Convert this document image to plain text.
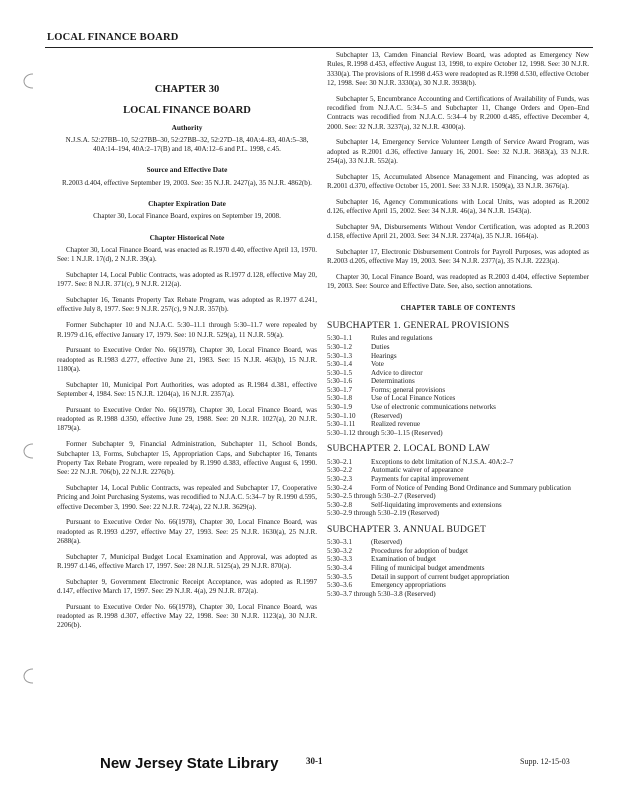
LOCAL FINANCE BOARD
CHAPTER 30
LOCAL FINANCE BOARD
Authority
N.J.S.A. 52:27BB–10, 52:27BB–30, 52:27BB–32, 52:27D–18, 40A:4–83, 40A:5–38, 40A:14–194, 40A:2–17(B) and 18, 40A:12–6 and P.L. 1998, c.45.
Source and Effective Date
R.2003 d.404, effective September 19, 2003. See: 35 N.J.R. 2427(a), 35 N.J.R. 4862(b).
Chapter Expiration Date
Chapter 30, Local Finance Board, expires on September 19, 2008.
Chapter Historical Note
Chapter 30, Local Finance Board, was enacted as R.1970 d.40, effective April 13, 1970. See: 1 N.J.R. 17(d), 2 N.J.R. 39(a).
Subchapter 14, Local Public Contracts, was adopted as R.1977 d.128, effective May 20, 1977. See: 8 N.J.R. 371(c), 9 N.J.R. 212(a).
Subchapter 16, Tenants Property Tax Rebate Program, was adopted as R.1977 d.241, effective July 8, 1977. See: 9 N.J.R. 257(c), 9 N.J.R. 357(b).
Former Subchapter 10 and N.J.A.C. 5:30–11.1 through 5:30–11.7 were repealed by R.1979 d.16, effective January 17, 1979. See: 10 N.J.R. 529(a), 11 N.J.R. 59(a).
Pursuant to Executive Order No. 66(1978), Chapter 30, Local Finance Board, was readopted as R.1983 d.277, effective June 21, 1983. See: 15 N.J.R. 463(b), 15 N.J.R. 1180(a).
Subchapter 10, Municipal Port Authorities, was adopted as R.1984 d.381, effective September 4, 1984. See: 15 N.J.R. 1204(a), 16 N.J.R. 2357(a).
Pursuant to Executive Order No. 66(1978), Chapter 30, Local Finance Board, was readopted as R.1988 d.350, effective June 29, 1988. See: 20 N.J.R. 1027(a), 20 N.J.R. 1879(a).
Former Subchapter 9, Financial Administration, Subchapter 11, School Bonds, Subchapter 13, Forms, Subchapter 15, Appropriation Caps, and Subchapter 16, Tenants Property Tax Rebate Program, were repealed by R.1990 d.383, effective August 6, 1990. See: 22 N.J.R. 706(b), 22 N.J.R. 2276(b).
Subchapter 14, Local Public Contracts, was repealed and Subchapter 17, Cooperative Pricing and Joint Purchasing Systems, was recodified to N.J.A.C. 5:34–7 by R.1990 d.595, effective December 3, 1990. See: 22 N.J.R. 724(a), 22 N.J.R. 3629(a).
Pursuant to Executive Order No. 66(1978), Chapter 30, Local Finance Board, was readopted as R.1993 d.297, effective May 27, 1993. See: 25 N.J.R. 1630(a), 25 N.J.R. 2688(a).
Subchapter 7, Municipal Budget Local Examination and Approval, was adopted as R.1997 d.146, effective March 17, 1997. See: 28 N.J.R. 5125(a), 29 N.J.R. 870(a).
Subchapter 9, Government Electronic Receipt Acceptance, was adopted as R.1997 d.147, effective March 17, 1997. See: 29 N.J.R. 4(a), 29 N.J.R. 872(a).
Pursuant to Executive Order No. 66(1978), Chapter 30, Local Finance Board, was readopted as R.1998 d.307, effective May 22, 1998. See: 30 N.J.R. 1123(a), 30 N.J.R. 2206(b).
Subchapter 13, Camden Financial Review Board, was adopted as Emergency New Rules, R.1998 d.453, effective August 13, 1998, to expire October 12, 1998. See: 30 N.J.R. 3330(a). The provisions of R.1998 d.453 were readopted as R.1998 d.530, effective October 12, 1998. See: 30 N.J.R. 3330(a), 30 N.J.R. 3938(b).
Subchapter 5, Encumbrance Accounting and Certifications of Availability of Funds, was recodified from N.J.A.C. 5:34–5 and Subchapter 11, Change Orders and Open–End Contracts was recodified from N.J.A.C. 5:34–4 by R.2000 d.485, effective December 4, 2000. See: 32 N.J.R. 3237(a), 32 N.J.R. 4300(a).
Subchapter 14, Emergency Service Volunteer Length of Service Award Program, was adopted as R.2001 d.36, effective January 16, 2001. See: 32 N.J.R. 3683(a), 33 N.J.R. 254(a), 33 N.J.R. 552(a).
Subchapter 15, Accumulated Absence Management and Financing, was adopted as R.2001 d.370, effective October 15, 2001. See: 33 N.J.R. 1509(a), 33 N.J.R. 3676(a).
Subchapter 16, Agency Communications with Local Units, was adopted as R.2002 d.126, effective April 15, 2002. See: 34 N.J.R. 46(a), 34 N.J.R. 1543(a).
Subchapter 9A, Disbursements Without Vendor Certification, was adopted as R.2003 d.158, effective April 21, 2003. See: 34 N.J.R. 2374(a), 35 N.J.R. 1664(a).
Subchapter 17, Electronic Disbursement Controls for Payroll Purposes, was adopted as R.2003 d.205, effective May 19, 2003. See: 34 N.J.R. 2377(a), 35 N.J.R. 2223(a).
Chapter 30, Local Finance Board, was readopted as R.2003 d.404, effective September 19, 2003. See: Source and Effective Date. See, also, section annotations.
CHAPTER TABLE OF CONTENTS
SUBCHAPTER 1. GENERAL PROVISIONS
5:30–1.1	Rules and regulations
5:30–1.2	Duties
5:30–1.3	Hearings
5:30–1.4	Vote
5:30–1.5	Advice to director
5:30–1.6	Determinations
5:30–1.7	Forms; general provisions
5:30–1.8	Use of Local Finance Notices
5:30–1.9	Use of electronic communications networks
5:30–1.10	(Reserved)
5:30–1.11	Realized revenue
5:30–1.12 through 5:30–1.15 (Reserved)
SUBCHAPTER 2. LOCAL BOND LAW
5:30–2.1	Exceptions to debt limitation of N.J.S.A. 40A:2–7
5:30–2.2	Automatic waiver of appearance
5:30–2.3	Payments for capital improvement
5:30–2.4	Form of Notice of Pending Bond Ordinance and Summary publication
5:30–2.5 through 5:30–2.7 (Reserved)
5:30–2.8	Self-liquidating improvements and extensions
5:30–2.9 through 5:30–2.19 (Reserved)
SUBCHAPTER 3. ANNUAL BUDGET
5:30–3.1	(Reserved)
5:30–3.2	Procedures for adoption of budget
5:30–3.3	Examination of budget
5:30–3.4	Filing of municipal budget amendments
5:30–3.5	Detail in support of current budget appropriation
5:30–3.6	Emergency appropriations
5:30–3.7 through 5:30–3.8 (Reserved)
New Jersey State Library	30-1	Supp. 12-15-03
